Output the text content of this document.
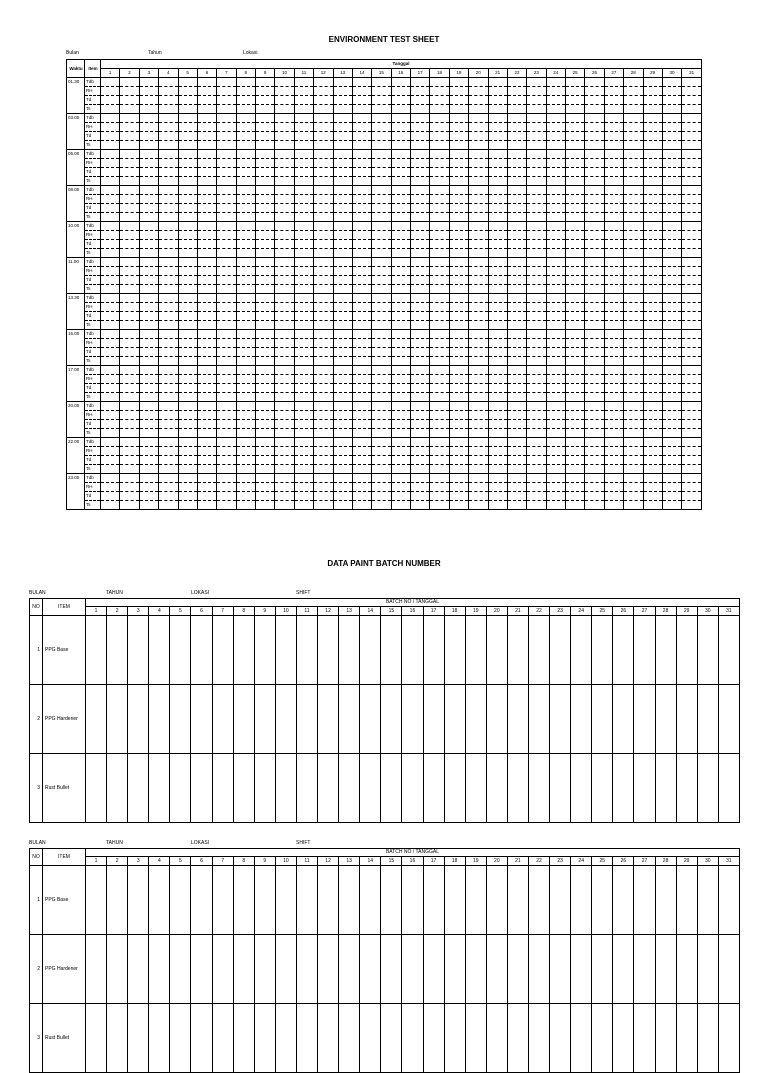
ENVIRONMENT TEST SHEET
Bulan	Tahun	Lokasi
Waktu	Item	Tanggal																														
		1	2	3	4	5	6	7	8	9	10	11	12	13	14	15	16	17	18	19	20	21	22	23	24	25	26	27	28	29	30	31
01.30	Tdb																															
	RH																															
	Td																															
	Ts																															
03.00	Tdb																															
	RH																															
	Td																															
	Ts																															
05.00	Tdb																															
	RH																															
	Td																															
	Ts																															
08.00	Tdb																															
	RH																															
	Td																															
	Ts																															
10.00	Tdb																															
	RH																															
	Td																															
	Ts																															
11.00	Tdb																															
	RH																															
	Td																															
	Ts																															
13.30	Tdb																															
	RH																															
	Td																															
	Ts																															
15.00	Tdb																															
	RH																															
	Td																															
	Ts																															
17.00	Tdb																															
	RH																															
	Td																															
	Ts																															
20.00	Tdb																															
	RH																															
	Td																															
	Ts																															
22.00	Tdb																															
	RH																															
	Td																															
	Ts																															
23.00	Tdb																															
	RH																															
	Td																															
	Ts																															
DATA PAINT BATCH NUMBER
BULAN	TAHUN	LOKASI	SHIFT
NO	ITEM	BATCH NO / TANGGAL																														
		1	2	3	4	5	6	7	8	9	10	11	12	13	14	15	16	17	18	19	20	21	22	23	24	25	26	27	28	29	30	31
1	PPG Base																															
2	PPG Hardener																															
3	Rust Bullet																															
BULAN	TAHUN	LOKASI	SHIFT
NO	ITEM	BATCH NO / TANGGAL																														
		1	2	3	4	5	6	7	8	9	10	11	12	13	14	15	16	17	18	19	20	21	22	23	24	25	26	27	28	29	30	31
1	PPG Base																															
2	PPG Hardener																															
3	Rust Bullet																															
